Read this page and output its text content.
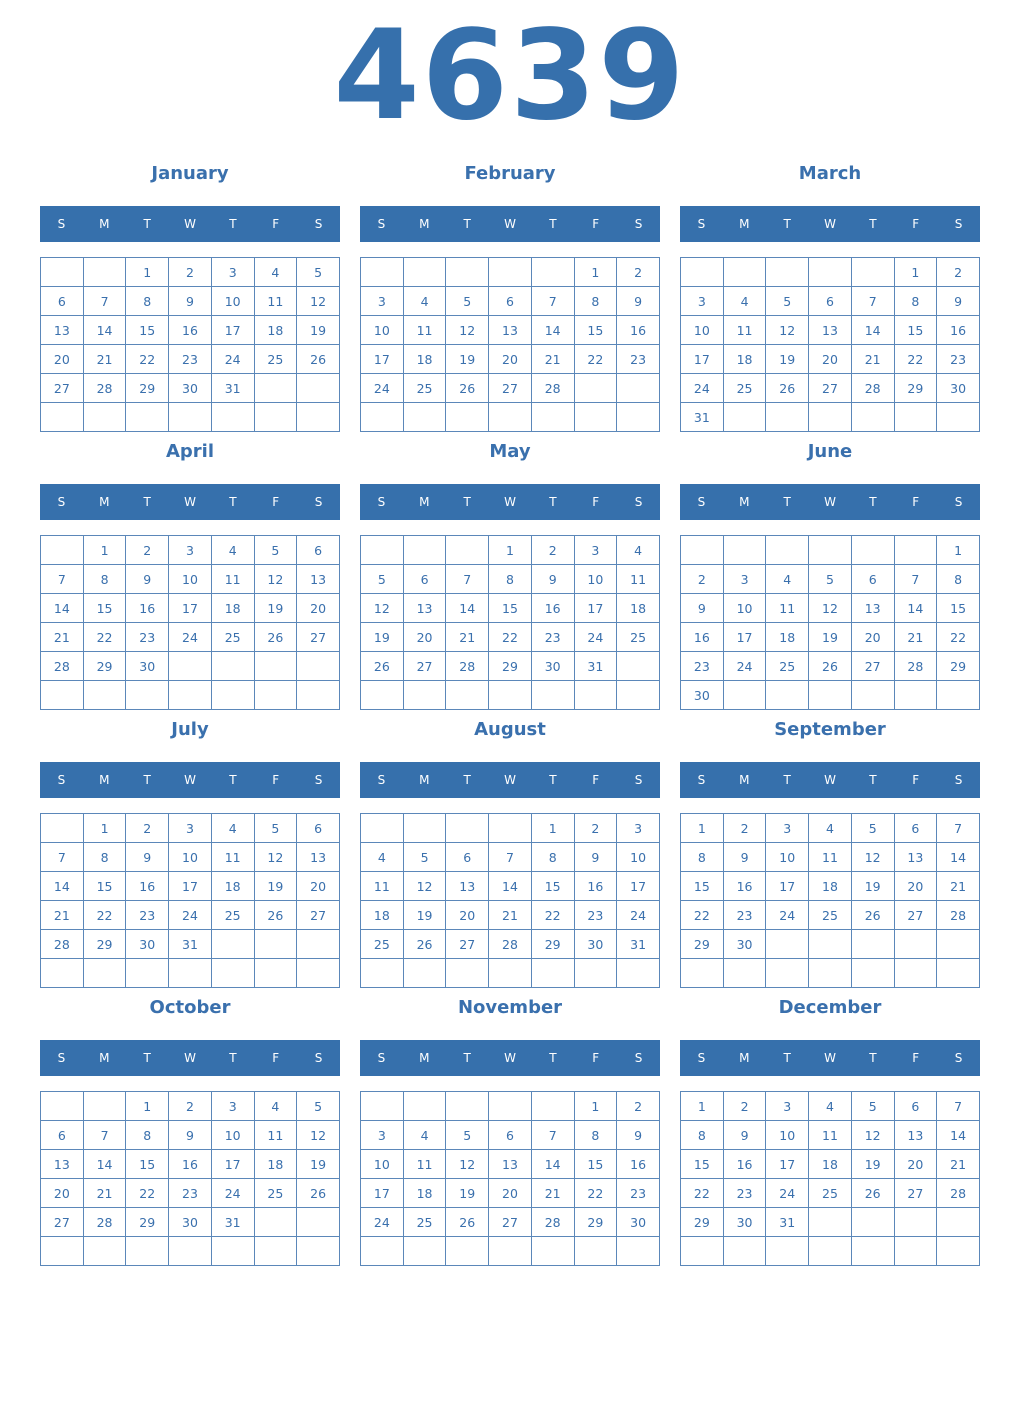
4639
January
S	M	T	W	T	F	S
		1	2	3	4	5
6	7	8	9	10	11	12
13	14	15	16	17	18	19
20	21	22	23	24	25	26
27	28	29	30	31		

February
S	M	T	W	T	F	S
					1	2
3	4	5	6	7	8	9
10	11	12	13	14	15	16
17	18	19	20	21	22	23
24	25	26	27	28		

March
S	M	T	W	T	F	S
					1	2
3	4	5	6	7	8	9
10	11	12	13	14	15	16
17	18	19	20	21	22	23
24	25	26	27	28	29	30
31						
April
S	M	T	W	T	F	S
	1	2	3	4	5	6
7	8	9	10	11	12	13
14	15	16	17	18	19	20
21	22	23	24	25	26	27
28	29	30				

May
S	M	T	W	T	F	S
			1	2	3	4
5	6	7	8	9	10	11
12	13	14	15	16	17	18
19	20	21	22	23	24	25
26	27	28	29	30	31	

June
S	M	T	W	T	F	S
						1
2	3	4	5	6	7	8
9	10	11	12	13	14	15
16	17	18	19	20	21	22
23	24	25	26	27	28	29
30						
July
S	M	T	W	T	F	S
	1	2	3	4	5	6
7	8	9	10	11	12	13
14	15	16	17	18	19	20
21	22	23	24	25	26	27
28	29	30	31			

August
S	M	T	W	T	F	S
				1	2	3
4	5	6	7	8	9	10
11	12	13	14	15	16	17
18	19	20	21	22	23	24
25	26	27	28	29	30	31

September
S	M	T	W	T	F	S
1	2	3	4	5	6	7
8	9	10	11	12	13	14
15	16	17	18	19	20	21
22	23	24	25	26	27	28
29	30					

October
S	M	T	W	T	F	S
		1	2	3	4	5
6	7	8	9	10	11	12
13	14	15	16	17	18	19
20	21	22	23	24	25	26
27	28	29	30	31		

November
S	M	T	W	T	F	S
					1	2
3	4	5	6	7	8	9
10	11	12	13	14	15	16
17	18	19	20	21	22	23
24	25	26	27	28	29	30

December
S	M	T	W	T	F	S
1	2	3	4	5	6	7
8	9	10	11	12	13	14
15	16	17	18	19	20	21
22	23	24	25	26	27	28
29	30	31				
